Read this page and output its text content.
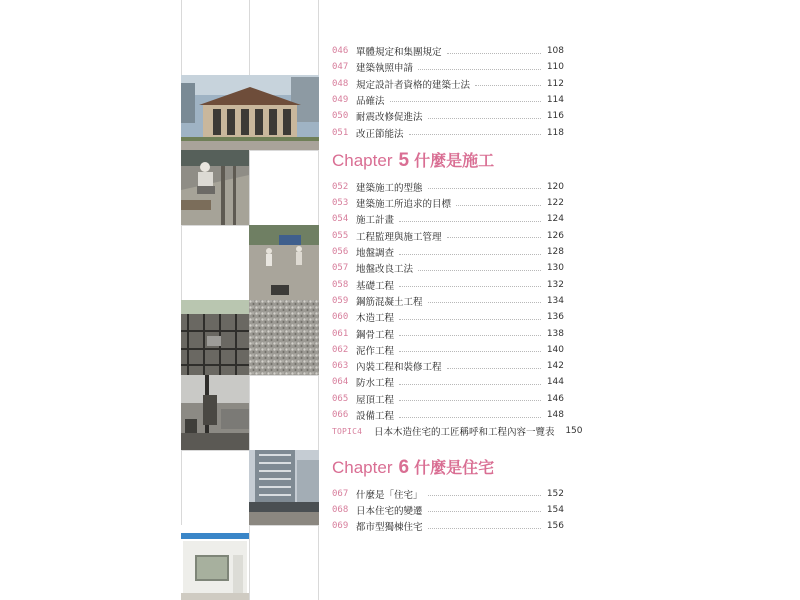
046 單體規定和集團規定	108
047 建築執照申請	110
048 規定設計者資格的建築士法	112
049 品確法	114
050 耐震改修促進法	116
051 改正節能法	118
Chapter 5 什麼是施工
052 建築施工的型態	120
053 建築施工所追求的目標	122
054 施工計畫	124
055 工程監理與施工管理	126
056 地盤調查	128
057 地盤改良工法	130
058 基礎工程	132
059 鋼筋混凝土工程	134
060 木造工程	136
061 鋼骨工程	138
062 泥作工程	140
063 內裝工程和裝修工程	142
064 防水工程	144
065 屋頂工程	146
066 設備工程	148
TOPIC4	日本木造住宅的工匠稱呼和工程內容一覽表 150
Chapter 6 什麼是住宅
067 什麼是「住宅」	152
068 日本住宅的變遷	154
069 都市型獨棟住宅	156
